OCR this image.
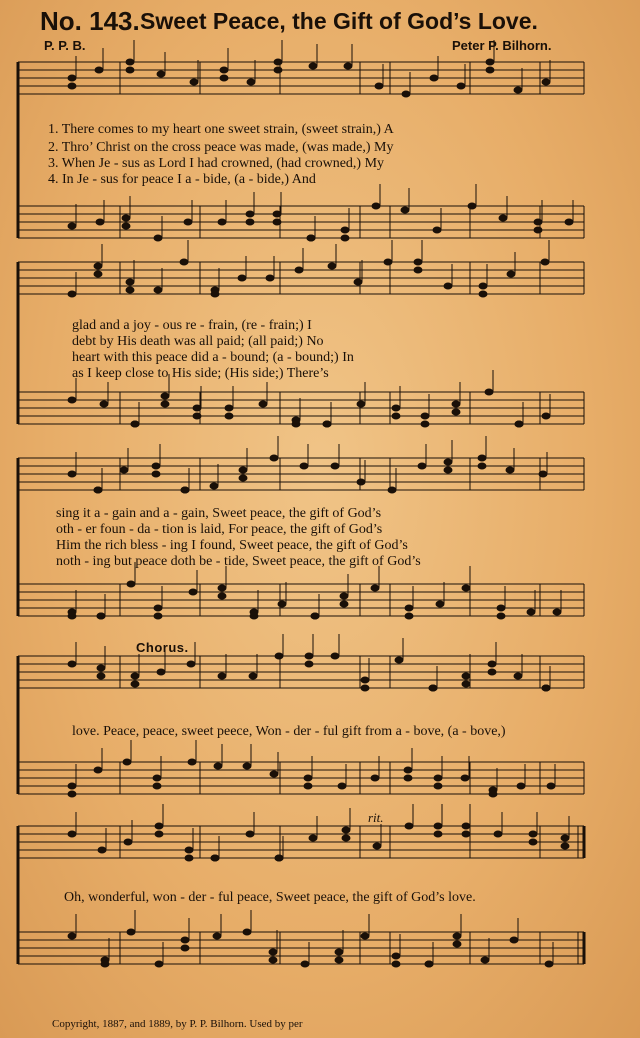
No. 143. Sweet Peace, the Gift of God’s Love.
P. P. B.	Peter P. Bilhorn.
1. There comes to my heart one sweet strain, (sweet strain,) A
2. Thro’ Christ on the cross peace was made, (was made,) My
3. When Je - sus as Lord I had crowned, (had crowned,) My
4. In Je - sus for peace I a - bide, (a - bide,) And
glad and a joy - ous re - frain, (re - frain;) I
debt by His death was all paid; (all paid;) No
heart with this peace did a - bound; (a - bound;) In
as I keep close to His side; (His side;) There’s
sing it a - gain and a - gain, Sweet peace, the gift of God’s
oth - er foun - da - tion is laid, For peace, the gift of God’s
Him the rich bless - ing I found, Sweet peace, the gift of God’s
noth - ing but peace doth be - tide, Sweet peace, the gift of God’s
Chorus.
love. Peace, peace, sweet peece, Won - der - ful gift from a - bove, (a - bove,)
rit.
Oh, wonderful, won - der - ful peace, Sweet peace, the gift of God’s love.
Copyright, 1887, and 1889, by P. P. Bilhorn. Used by per
